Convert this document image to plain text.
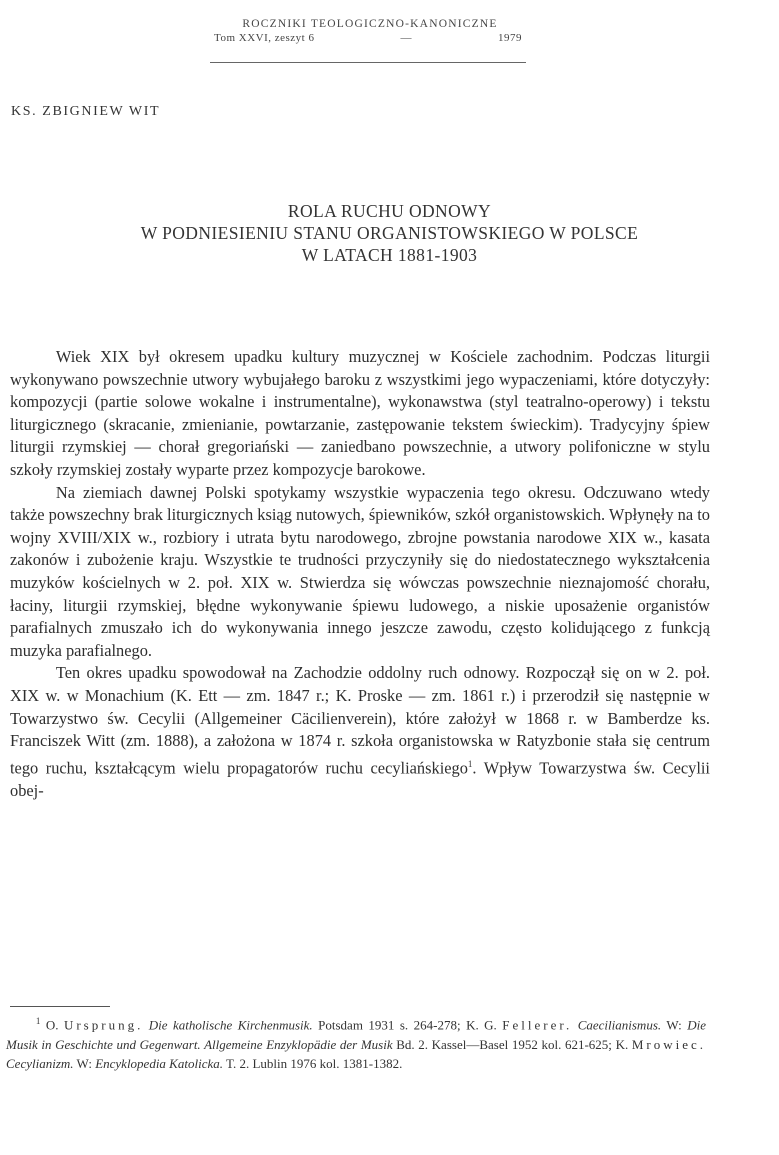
ROCZNIKI TEOLOGICZNO-KANONICZNE
Tom XXVI, zeszyt 6	—	1979
KS. ZBIGNIEW WIT
ROLA RUCHU ODNOWY
W PODNIESIENIU STANU ORGANISTOWSKIEGO W POLSCE
W LATACH 1881-1903

Wiek XIX był okresem upadku kultury muzycznej w Kościele zachodnim. Podczas liturgii wykonywano powszechnie utwory wybujałego baroku z wszystkimi jego wypaczeniami, które dotyczyły: kompozycji (partie solowe wokalne i instrumentalne), wykonawstwa (styl teatralno-operowy) i tekstu liturgicznego (skracanie, zmienianie, powtarzanie, zastępowanie tekstem świeckim). Tradycyjny śpiew liturgii rzymskiej — chorał gregoriański — zaniedbano powszechnie, a utwory polifoniczne w stylu szkoły rzymskiej zostały wyparte przez kompozycje barokowe.

Na ziemiach dawnej Polski spotykamy wszystkie wypaczenia tego okresu. Odczuwano wtedy także powszechny brak liturgicznych ksiąg nutowych, śpiewników, szkół organistowskich. Wpłynęły na to wojny XVIII/XIX w., rozbiory i utrata bytu narodowego, zbrojne powstania narodowe XIX w., kasata zakonów i zubożenie kraju. Wszystkie te trudności przyczyniły się do niedostatecznego wykształcenia muzyków kościelnych w 2. poł. XIX w. Stwierdza się wówczas powszechnie nieznajomość chorału, łaciny, liturgii rzymskiej, błędne wykonywanie śpiewu ludowego, a niskie uposażenie organistów parafialnych zmuszało ich do wykonywania innego jeszcze zawodu, często kolidującego z funkcją muzyka parafialnego.

Ten okres upadku spowodował na Zachodzie oddolny ruch odnowy. Rozpoczął się on w 2. poł. XIX w. w Monachium (K. Ett — zm. 1847 r.; K. Proske — zm. 1861 r.) i przerodził się następnie w Towarzystwo św. Cecylii (Allgemeiner Cäcilienverein), które założył w 1868 r. w Bamberdze ks. Franciszek Witt (zm. 1888), a założona w 1874 r. szkoła organistowska w Ratyzbonie stała się centrum tego ruchu, kształcącym wielu propagatorów ruchu cecyliańskiego$^1$. Wpływ Towarzystwa św. Cecylii obej-

$^1$ O. Ursprung. Die katholische Kirchenmusik. Potsdam 1931 s. 264-278; K. G. Fellerer. Caecilianismus. W: Die Musik in Geschichte und Gegenwart. Allgemeine Enzyklopädie der Musik Bd. 2. Kassel—Basel 1952 kol. 621-625; K. Mrowiec. Cecylianizm. W: Encyklopedia Katolicka. T. 2. Lublin 1976 kol. 1381-1382.
